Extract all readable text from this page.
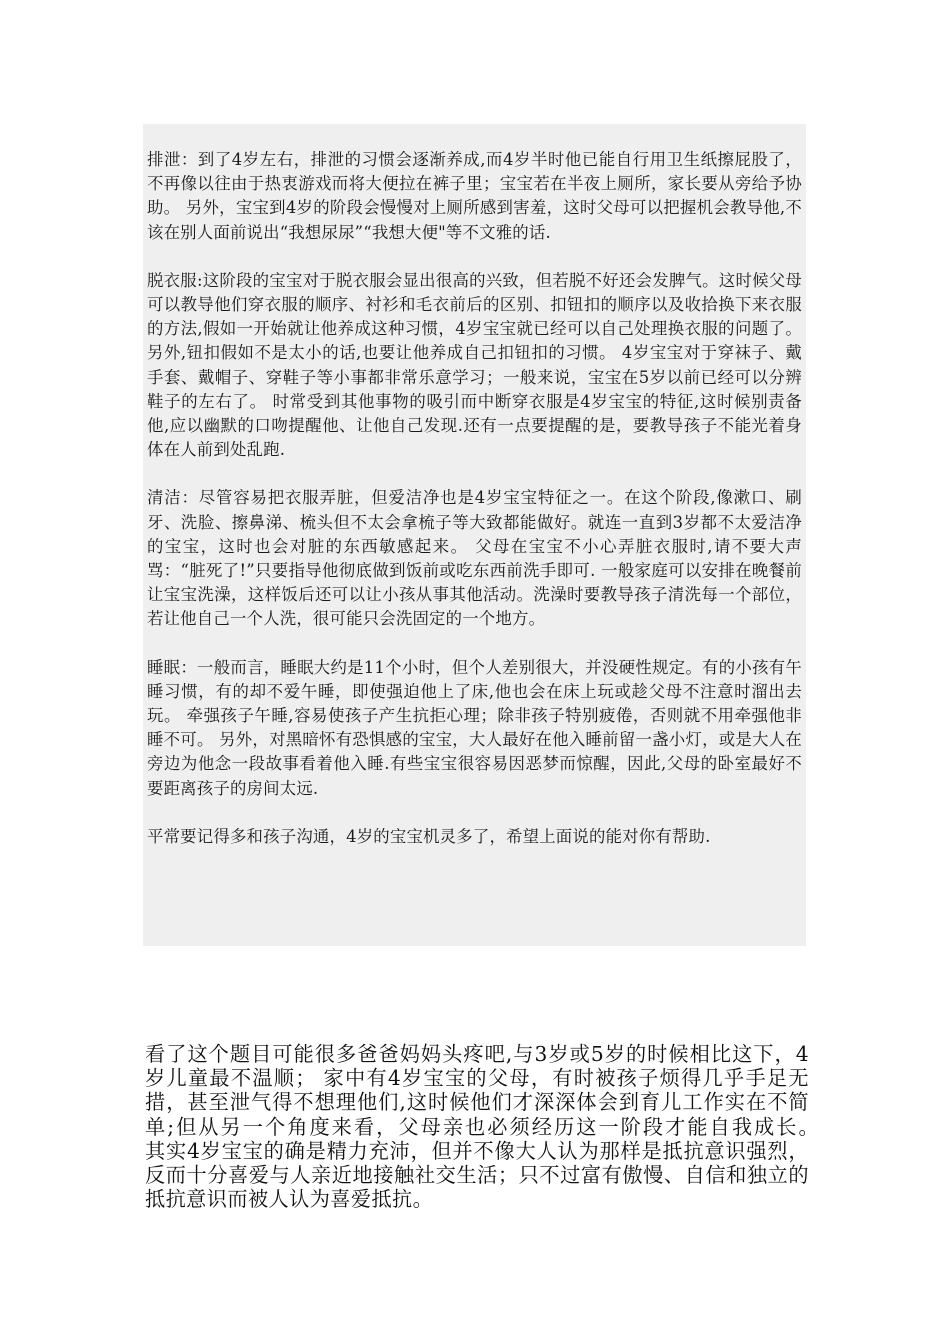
排泄：到了4岁左右，排泄的习惯会逐渐养成,而4岁半时他已能自行用卫生纸擦屁股了，不再像以往由于热衷游戏而将大便拉在裤子里；宝宝若在半夜上厕所，家长要从旁给予协助。 另外，宝宝到4岁的阶段会慢慢对上厕所感到害羞，这时父母可以把握机会教导他,不该在别人面前说出“我想尿尿”“我想大便"等不文雅的话.

脱衣服:这阶段的宝宝对于脱衣服会显出很高的兴致，但若脱不好还会发脾气。这时候父母可以教导他们穿衣服的顺序、衬衫和毛衣前后的区别、扣钮扣的顺序以及收拾换下来衣服的方法,假如一开始就让他养成这种习惯，4岁宝宝就已经可以自己处理换衣服的问题了。另外,钮扣假如不是太小的话,也要让他养成自己扣钮扣的习惯。 4岁宝宝对于穿袜子、戴手套、戴帽子、穿鞋子等小事都非常乐意学习；一般来说，宝宝在5岁以前已经可以分辨鞋子的左右了。 时常受到其他事物的吸引而中断穿衣服是4岁宝宝的特征,这时候别责备他,应以幽默的口吻提醒他、让他自己发现.还有一点要提醒的是，要教导孩子不能光着身体在人前到处乱跑.

清洁：尽管容易把衣服弄脏，但爱洁净也是4岁宝宝特征之一。在这个阶段,像漱口、刷牙、洗脸、擦鼻涕、梳头但不太会拿梳子等大致都能做好。就连一直到3岁都不太爱洁净的宝宝，这时也会对脏的东西敏感起来。 父母在宝宝不小心弄脏衣服时,请不要大声骂：“脏死了!”只要指导他彻底做到饭前或吃东西前洗手即可. 一般家庭可以安排在晚餐前让宝宝洗澡，这样饭后还可以让小孩从事其他活动。洗澡时要教导孩子清洗每一个部位，若让他自己一个人洗，很可能只会洗固定的一个地方。

睡眠：一般而言，睡眠大约是11个小时，但个人差别很大，并没硬性规定。有的小孩有午睡习惯，有的却不爱午睡，即使强迫他上了床,他也会在床上玩或趁父母不注意时溜出去玩。 牵强孩子午睡,容易使孩子产生抗拒心理；除非孩子特别疲倦，否则就不用牵强他非睡不可。 另外，对黑暗怀有恐惧感的宝宝，大人最好在他入睡前留一盏小灯，或是大人在旁边为他念一段故事看着他入睡.有些宝宝很容易因恶梦而惊醒，因此,父母的卧室最好不要距离孩子的房间太远.

平常要记得多和孩子沟通，4岁的宝宝机灵多了，希望上面说的能对你有帮助.

看了这个题目可能很多爸爸妈妈头疼吧,与3岁或5岁的时候相比这下，4岁儿童最不温顺； 家中有4岁宝宝的父母，有时被孩子烦得几乎手足无措，甚至泄气得不想理他们,这时候他们才深深体会到育儿工作实在不简单;但从另一个角度来看，父母亲也必须经历这一阶段才能自我成长。　　　　　其实4岁宝宝的确是精力充沛，但并不像大人认为那样是抵抗意识强烈，反而十分喜爱与人亲近地接触社交生活；只不过富有傲慢、自信和独立的抵抗意识而被人认为喜爱抵抗。
